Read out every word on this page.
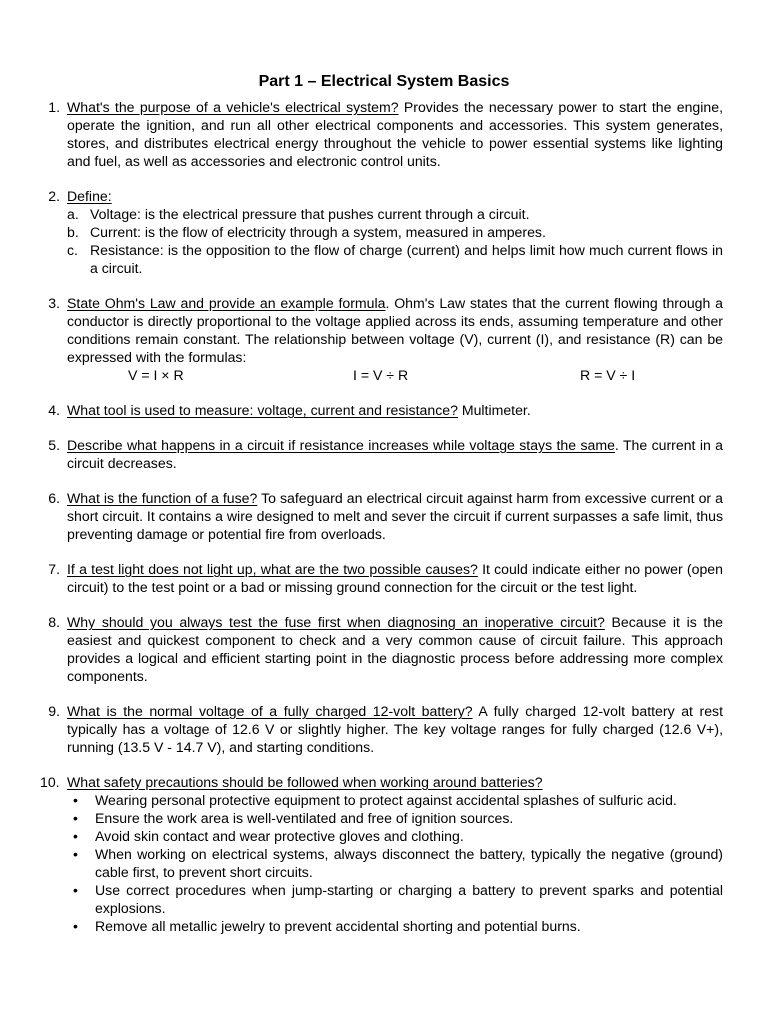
Part 1 – Electrical System Basics
1. What's the purpose of a vehicle's electrical system? Provides the necessary power to start the engine, operate the ignition, and run all other electrical components and accessories. This system generates, stores, and distributes electrical energy throughout the vehicle to power essential systems like lighting and fuel, as well as accessories and electronic control units.

2. Define:

a. Voltage: is the electrical pressure that pushes current through a circuit.
b. Current: is the flow of electricity through a system, measured in amperes.
c. Resistance: is the opposition to the flow of charge (current) and helps limit how much current flows in a circuit.
3. State Ohm's Law and provide an example formula. Ohm's Law states that the current flowing through a conductor is directly proportional to the voltage applied across its ends, assuming temperature and other conditions remain constant. The relationship between voltage (V), current (I), and resistance (R) can be expressed with the formulas:

V = I × R	I = V ÷ R	R = V ÷ I
4. What tool is used to measure: voltage, current and resistance? Multimeter.

5. Describe what happens in a circuit if resistance increases while voltage stays the same. The current in a circuit decreases.

6. What is the function of a fuse? To safeguard an electrical circuit against harm from excessive current or a short circuit. It contains a wire designed to melt and sever the circuit if current surpasses a safe limit, thus preventing damage or potential fire from overloads.

7. If a test light does not light up, what are the two possible causes? It could indicate either no power (open circuit) to the test point or a bad or missing ground connection for the circuit or the test light.

8. Why should you always test the fuse first when diagnosing an inoperative circuit? Because it is the easiest and quickest component to check and a very common cause of circuit failure. This approach provides a logical and efficient starting point in the diagnostic process before addressing more complex components.

9. What is the normal voltage of a fully charged 12-volt battery? A fully charged 12-volt battery at rest typically has a voltage of 12.6 V or slightly higher. The key voltage ranges for fully charged (12.6 V+), running (13.5 V - 14.7 V), and starting conditions.

10. What safety precautions should be followed when working around batteries?

• Wearing personal protective equipment to protect against accidental splashes of sulfuric acid.
• Ensure the work area is well-ventilated and free of ignition sources.
• Avoid skin contact and wear protective gloves and clothing.
• When working on electrical systems, always disconnect the battery, typically the negative (ground) cable first, to prevent short circuits.
• Use correct procedures when jump-starting or charging a battery to prevent sparks and potential explosions.
• Remove all metallic jewelry to prevent accidental shorting and potential burns.
